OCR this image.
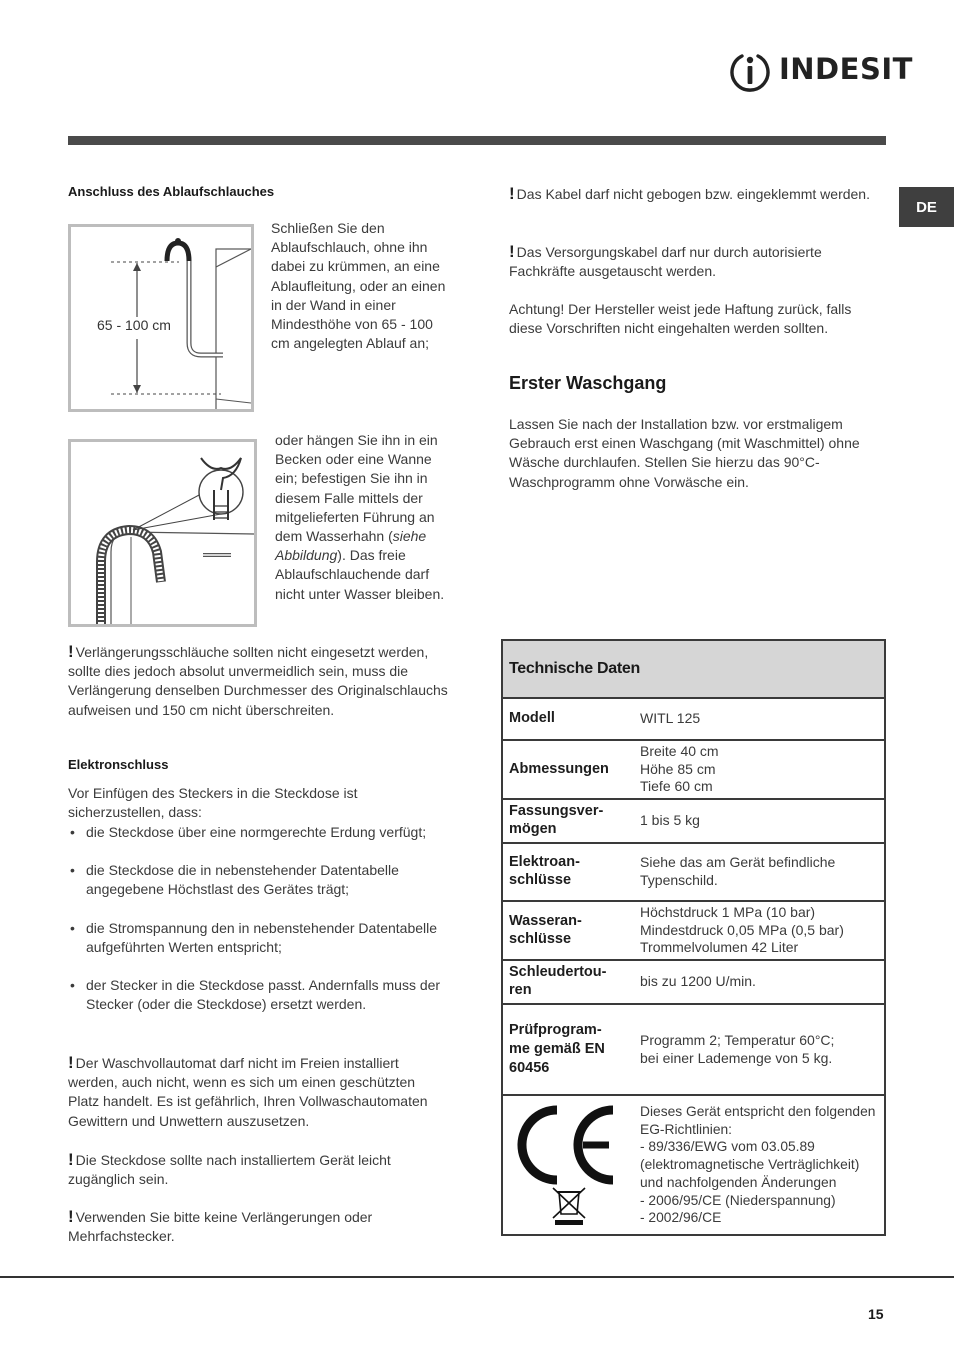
INDESIT
DE
Anschluss des Ablaufschlauches
65 - 100 cm

Schließen Sie den Ablaufschlauch, ohne ihn dabei zu krümmen, an eine Ablaufleitung, oder an einen in der Wand in einer Mindesthöhe von 65 - 100 cm angelegten Ablauf an;

oder hängen Sie ihn in ein Becken oder eine Wanne ein; befestigen Sie ihn in diesem Falle mittels der mitgelieferten Führung an dem Wasserhahn (siehe Abbildung). Das freie Ablaufschlauchende darf nicht unter Wasser bleiben.

! Verlängerungsschläuche sollten nicht eingesetzt werden, sollte dies jedoch absolut unvermeidlich sein, muss die Verlängerung denselben Durchmesser des Originalschlauchs aufweisen und 150 cm nicht überschreiten.

Elektronschluss

Vor Einfügen des Steckers in die Steckdose ist sicherzustellen, dass:

• die Steckdose über eine normgerechte Erdung verfügt;
• die Steckdose die in nebenstehender Datentabelle angegebene Höchstlast des Gerätes trägt;
• die Stromspannung den in nebenstehender Datentabelle aufgeführten Werten entspricht;
• der Stecker in die Steckdose passt. Andernfalls muss der Stecker (oder die Steckdose) ersetzt werden.

! Der Waschvollautomat darf nicht im Freien installiert werden, auch nicht, wenn es sich um einen geschützten Platz handelt. Es ist gefährlich, Ihren Vollwaschautomaten Gewittern und Unwettern auszusetzen.

! Die Steckdose sollte nach installiertem Gerät leicht zugänglich sein.

! Verwenden Sie bitte keine Verlängerungen oder Mehrfachstecker.

! Das Kabel darf nicht gebogen bzw. eingeklemmt werden.

! Das Versorgungskabel darf nur durch autorisierte Fachkräfte ausgetauscht werden.

Achtung! Der Hersteller weist jede Haftung zurück, falls diese Vorschriften nicht eingehalten werden sollten.

Erster Waschgang

Lassen Sie nach der Installation bzw. vor erstmaligem Gebrauch erst einen Waschgang (mit Waschmittel) ohne Wäsche durchlaufen. Stellen Sie hierzu das 90°C-Waschprogramm ohne Vorwäsche ein.

Technische Daten
Modell	WITL 125
Abmessungen	Breite 40 cm
Höhe 85 cm
Tiefe 60 cm
Fassungsver-
mögen	1 bis 5 kg
Elektroan-
schlüsse	Siehe das am Gerät befindliche
Typenschild.
Wasseran-
schlüsse	Höchstdruck 1 MPa (10 bar)
Mindestdruck 0,05 MPa (0,5 bar)
Trommelvolumen 42 Liter
Schleudertou-
ren	bis zu 1200 U/min.
Prüfprogram-
me gemäß EN
60456	Programm 2; Temperatur 60°C;
bei einer Lademenge von 5 kg.

	Dieses Gerät entspricht den folgenden EG-Richtlinien:
- 89/336/EWG vom 03.05.89 (elektromagnetische Verträglichkeit) und nachfolgenden Änderungen
- 2006/95/CE (Niederspannung)
- 2002/96/CE
15
